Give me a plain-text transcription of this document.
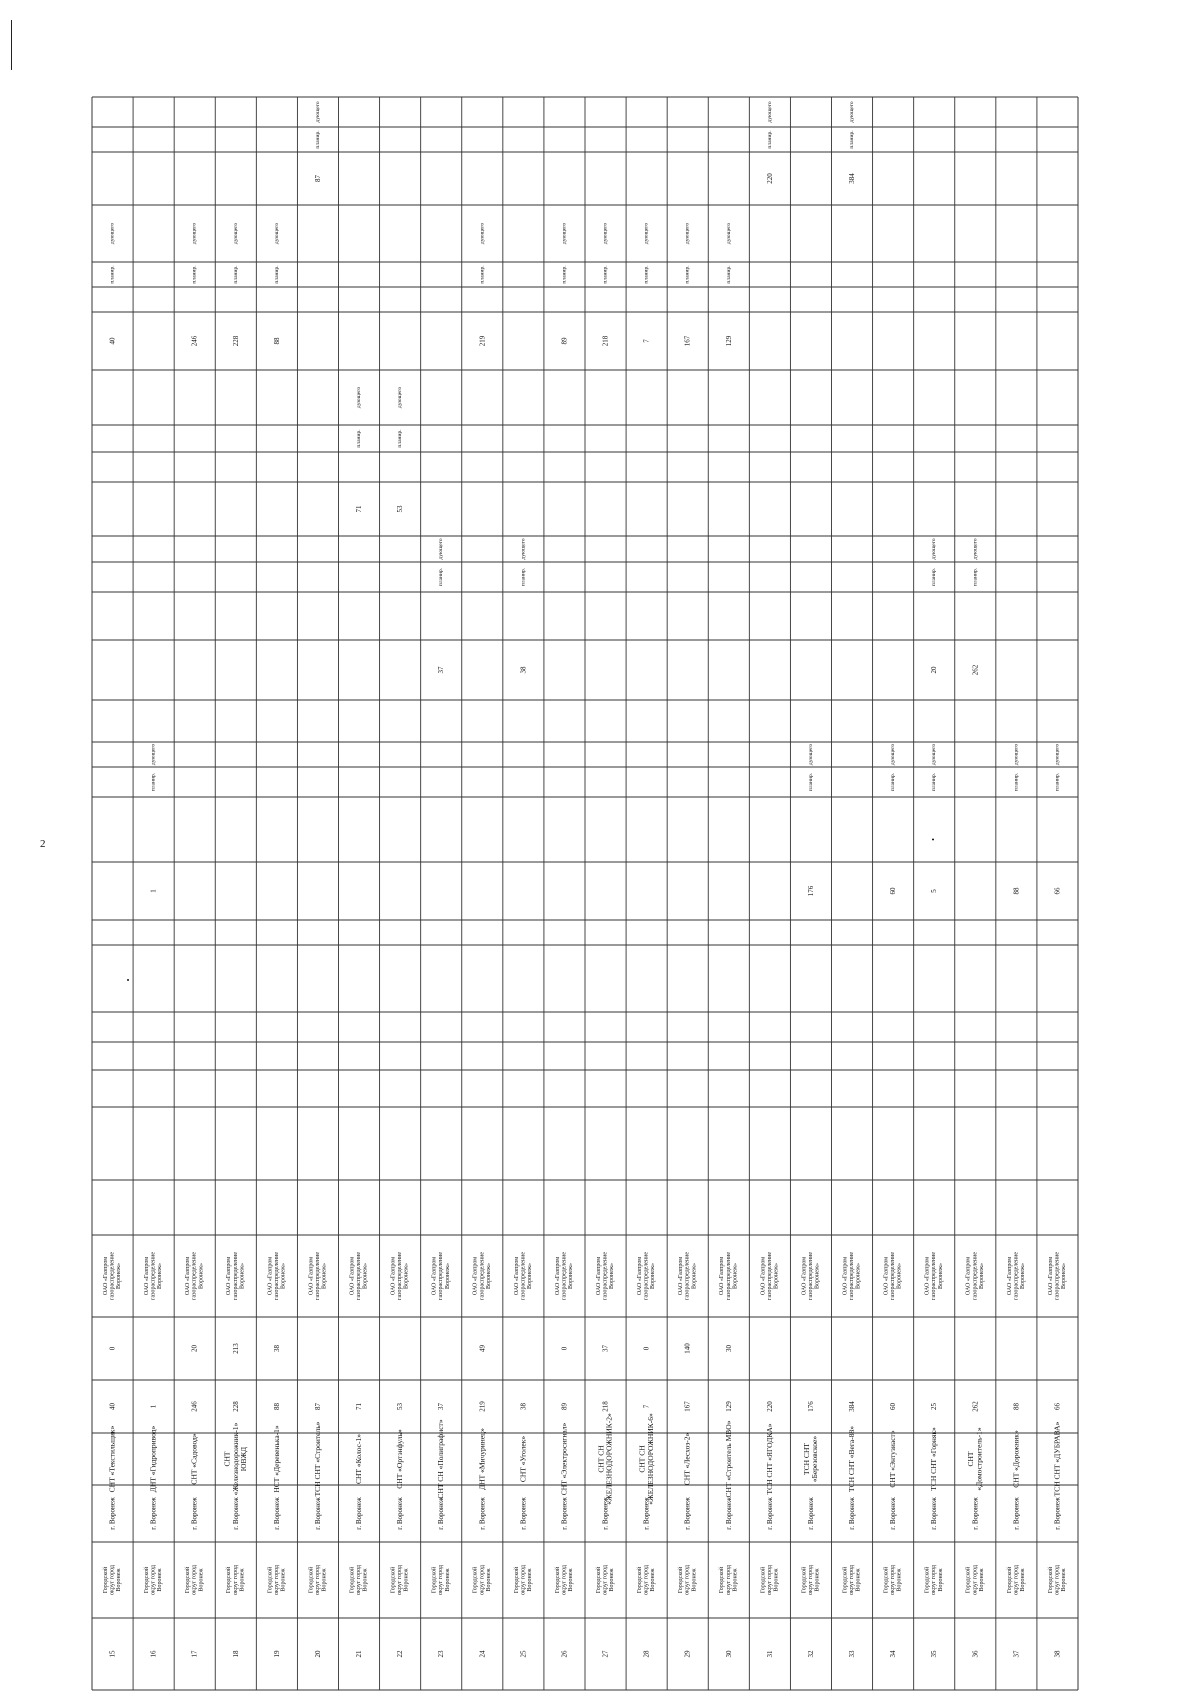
2
15
Городскойокруг городВоронеж
г. Воронеж
СНТ «Текстильщик»
40
0
ОАО «ГазпромгазораспределениеВоронеж»
40
планир.
дующего
16
Городскойокруг городВоронеж
г. Воронеж
ДНТ «Гидропривод»
1
ОАО «ГазпромгазораспределениеВоронеж»
1
планир.
дующего
17
Городскойокруг городВоронеж
г. Воронеж
СНТ «Садовод»
246
20
ОАО «ГазпромгазораспределениеВоронеж»
246
планир.
дующего
18
Городскойокруг городВоронеж
г. Воронеж
СНТ«Железнодорожник-1»ЮВЖД
228
213
ОАО «ГазпромгазораспределениеВоронеж»
228
планир.
дующего
19
Городскойокруг городВоронеж
г. Воронеж
НСТ «Деревенька-1»
88
38
ОАО «ГазпромгазораспределениеВоронеж»
88
планир.
дующего
20
Городскойокруг городВоронеж
г. Воронеж
ТСН СНТ «Строитель»
87
ОАО «ГазпромгазораспределениеВоронеж»
87
планир.
дующего
21
Городскойокруг городВоронеж
г. Воронеж
СНТ «Колос-1»
71
ОАО «ГазпромгазораспределениеВоронеж»
71
планир.
дующего
22
Городскойокруг городВоронеж
г. Воронеж
СНТ «Ортэнфуль»
53
ОАО «ГазпромгазораспределениеВоронеж»
53
планир.
дующего
23
Городскойокруг городВоронеж
г. Воронеж
СНТ СН «Полиграфист»
37
ОАО «ГазпромгазораспределениеВоронеж»
37
планир.
дующего
24
Городскойокруг городВоронеж
г. Воронеж
ДНТ «Мичуринец»
219
49
ОАО «ГазпромгазораспределениеВоронеж»
219
планир.
дующего
25
Городскойокруг городВоронеж
г. Воронеж
СНТ «Уголек»
38
ОАО «ГазпромгазораспределениеВоронеж»
38
планир.
дующего
26
Городскойокруг городВоронеж
г. Воронеж
СНТ «Электросигнал»
89
0
ОАО «ГазпромгазораспределениеВоронеж»
89
планир.
дующего
27
Городскойокруг городВоронеж
г. Воронеж
СНТ СН«ЖЕЛЕЗНОДОРОЖНИК-2»
218
37
ОАО «ГазпромгазораспределениеВоронеж»
218
планир.
дующего
28
Городскойокруг городВоронеж
г. Воронеж
СНТ СН«ЖЕЛЕЗНОДОРОЖНИК-6»
7
0
ОАО «ГазпромгазораспределениеВоронеж»
7
планир.
дующего
29
Городскойокруг городВоронеж
г. Воронеж
СНТ «Лесхоз-2»
167
140
ОАО «ГазпромгазораспределениеВоронеж»
167
планир.
дующего
30
Городскойокруг городВоронеж
г. Воронеж
СНТ «Строитель МВО»
129
30
ОАО «ГазпромгазораспределениеВоронеж»
129
планир.
дующего
31
Городскойокруг городВоронеж
г. Воронеж
ТСН СНТ «ЯГОДКА»
220
ОАО «ГазпромгазораспределениеВоронеж»
220
планир.
дующего
32
Городскойокруг городВоронеж
г. Воронеж
ТСН СНТ«Березовское»
176
ОАО «ГазпромгазораспределениеВоронеж»
176
планир.
дующего
33
Городскойокруг городВоронеж
г. Воронеж
ТСН СНТ «Вега-88»
384
ОАО «ГазпромгазораспределениеВоронеж»
384
планир.
дующего
34
Городскойокруг городВоронеж
г. Воронеж
СНТ «Энтузиаст»
60
ОАО «ГазпромгазораспределениеВоронеж»
60
планир.
дующего
35
Городскойокруг городВоронеж
г. Воронеж
ТСН СНТ «Горняк»
25
ОАО «ГазпромгазораспределениеВоронеж»
5
•
планир.
дующего
20
планир.
дующего
36
Городскойокруг городВоронеж
г. Воронеж
СНТ«Домостроитель-1»
262
ОАО «ГазпромгазораспределениеВоронеж»
262
планир.
дующего
37
Городскойокруг городВоронеж
г. Воронеж
СНТ «Дорожник»
88
ОАО «ГазпромгазораспределениеВоронеж»
88
планир.
дующего
38
Городскойокруг городВоронеж
г. Воронеж
ТСН СНТ «ДУБРАВА»
66
ОАО «ГазпромгазораспределениеВоронеж»
66
планир.
дующего
•
